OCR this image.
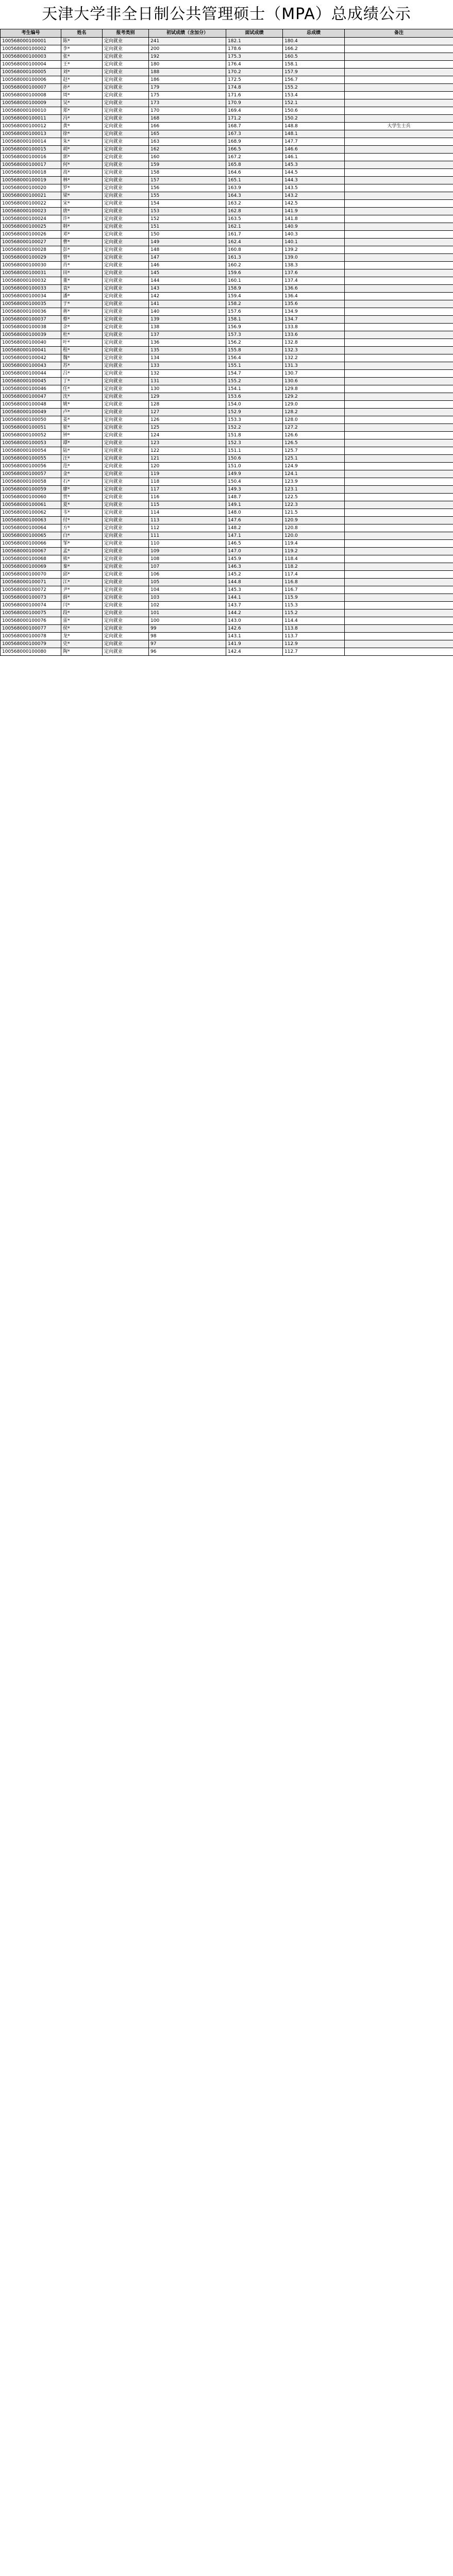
天津大学非全日制公共管理硕士（MPA）总成绩公示
考生编号	姓名	报考类别	初试成绩（含加分）	面试成绩	总成绩	备注
100568000100001	陈*	定向就业	241	182.1	180.4	
100568000100002	李*	定向就业	200	178.6	166.2	
100568000100003	张*	定向就业	192	175.3	160.5	
100568000100004	王*	定向就业	180	176.4	158.1	
100568000100005	刘*	定向就业	188	170.2	157.9	
100568000100006	赵*	定向就业	186	172.5	156.7	
100568000100007	孙*	定向就业	179	174.8	155.2	
100568000100008	周*	定向就业	175	171.6	153.4	
100568000100009	吴*	定向就业	173	170.9	152.1	
100568000100010	郑*	定向就业	170	169.4	150.6	
100568000100011	冯*	定向就业	168	171.2	150.2	
100568000100012	黄*	定向就业	166	168.7	148.8	大学生士兵
100568000100013	徐*	定向就业	165	167.3	148.1	
100568000100014	朱*	定向就业	163	168.9	147.7	
100568000100015	胡*	定向就业	162	166.5	146.6	
100568000100016	郭*	定向就业	160	167.2	146.1	
100568000100017	何*	定向就业	159	165.8	145.3	
100568000100018	高*	定向就业	158	164.6	144.5	
100568000100019	林*	定向就业	157	165.1	144.3	
100568000100020	罗*	定向就业	156	163.9	143.5	
100568000100021	梁*	定向就业	155	164.3	143.2	
100568000100022	宋*	定向就业	154	163.2	142.5	
100568000100023	唐*	定向就业	153	162.8	141.9	
100568000100024	许*	定向就业	152	163.5	141.8	
100568000100025	韩*	定向就业	151	162.1	140.9	
100568000100026	邓*	定向就业	150	161.7	140.3	
100568000100027	曹*	定向就业	149	162.4	140.1	
100568000100028	彭*	定向就业	148	160.8	139.2	
100568000100029	曾*	定向就业	147	161.3	139.0	
100568000100030	肖*	定向就业	146	160.2	138.3	
100568000100031	田*	定向就业	145	159.6	137.6	
100568000100032	董*	定向就业	144	160.1	137.4	
100568000100033	袁*	定向就业	143	158.9	136.6	
100568000100034	潘*	定向就业	142	159.4	136.4	
100568000100035	于*	定向就业	141	158.2	135.6	
100568000100036	蒋*	定向就业	140	157.6	134.9	
100568000100037	蔡*	定向就业	139	158.1	134.7	
100568000100038	余*	定向就业	138	156.9	133.8	
100568000100039	杜*	定向就业	137	157.3	133.6	
100568000100040	叶*	定向就业	136	156.2	132.8	
100568000100041	程*	定向就业	135	155.8	132.3	
100568000100042	魏*	定向就业	134	156.4	132.2	
100568000100043	苏*	定向就业	133	155.1	131.3	
100568000100044	吕*	定向就业	132	154.7	130.7	
100568000100045	丁*	定向就业	131	155.2	130.6	
100568000100046	任*	定向就业	130	154.1	129.8	
100568000100047	沈*	定向就业	129	153.6	129.2	
100568000100048	姚*	定向就业	128	154.0	129.0	
100568000100049	卢*	定向就业	127	152.9	128.2	
100568000100050	姜*	定向就业	126	153.3	128.0	
100568000100051	崔*	定向就业	125	152.2	127.2	
100568000100052	钟*	定向就业	124	151.8	126.6	
100568000100053	谭*	定向就业	123	152.3	126.5	
100568000100054	陆*	定向就业	122	151.1	125.7	
100568000100055	汪*	定向就业	121	150.6	125.1	
100568000100056	范*	定向就业	120	151.0	124.9	
100568000100057	金*	定向就业	119	149.9	124.1	
100568000100058	石*	定向就业	118	150.4	123.9	
100568000100059	廖*	定向就业	117	149.3	123.1	
100568000100060	贾*	定向就业	116	148.7	122.5	
100568000100061	夏*	定向就业	115	149.1	122.3	
100568000100062	韦*	定向就业	114	148.0	121.5	
100568000100063	付*	定向就业	113	147.6	120.9	
100568000100064	方*	定向就业	112	148.2	120.8	
100568000100065	白*	定向就业	111	147.1	120.0	
100568000100066	邹*	定向就业	110	146.5	119.4	
100568000100067	孟*	定向就业	109	147.0	119.2	
100568000100068	熊*	定向就业	108	145.9	118.4	
100568000100069	秦*	定向就业	107	146.3	118.2	
100568000100070	邱*	定向就业	106	145.2	117.4	
100568000100071	江*	定向就业	105	144.8	116.8	
100568000100072	尹*	定向就业	104	145.3	116.7	
100568000100073	薛*	定向就业	103	144.1	115.9	
100568000100074	闫*	定向就业	102	143.7	115.3	
100568000100075	段*	定向就业	101	144.2	115.2	
100568000100076	雷*	定向就业	100	143.0	114.4	
100568000100077	侯*	定向就业	99	142.6	113.8	
100568000100078	龙*	定向就业	98	143.1	113.7	
100568000100079	史*	定向就业	97	141.9	112.9	
100568000100080	陶*	定向就业	96	142.4	112.7	
